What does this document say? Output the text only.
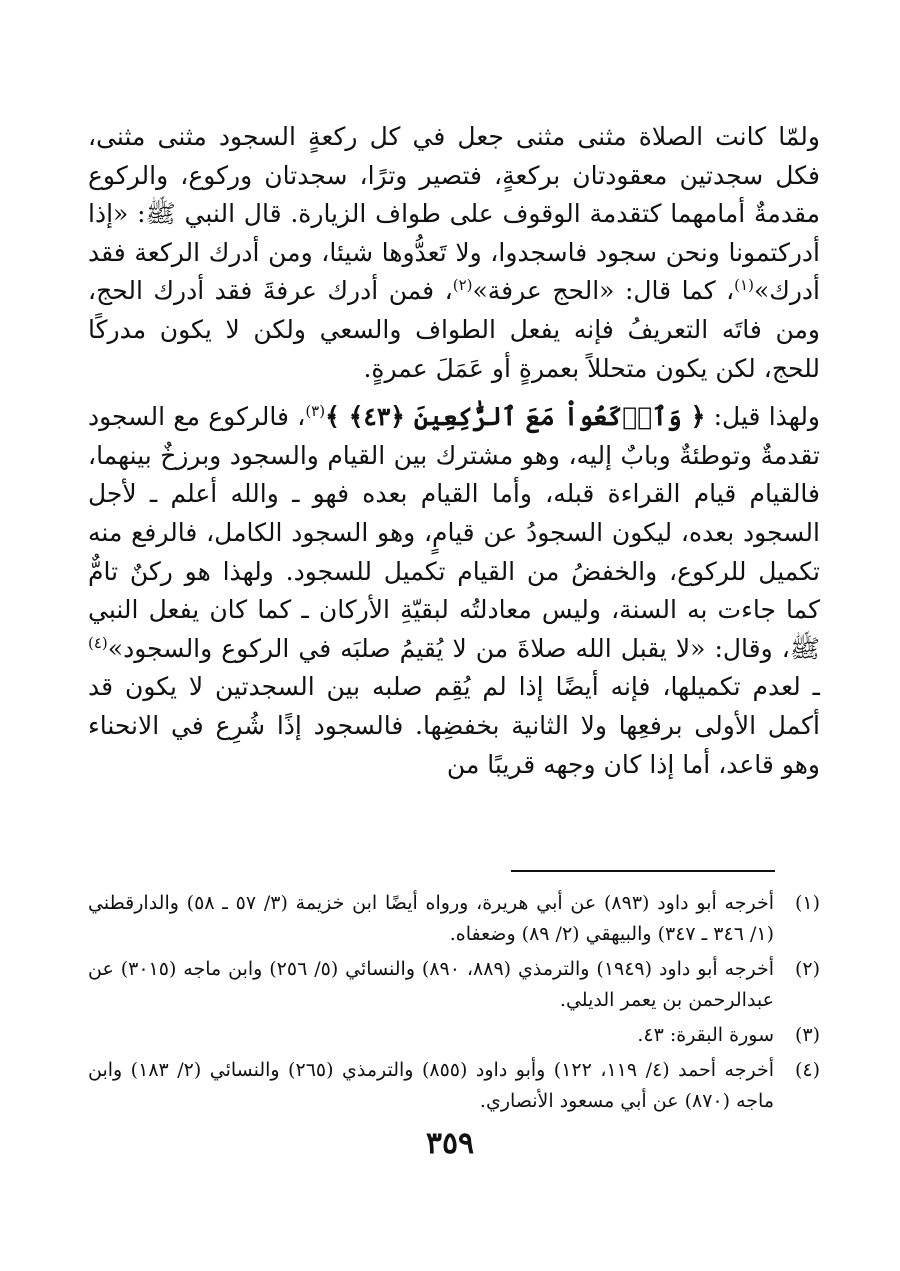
ولمّا كانت الصلاة مثنى مثنى جعل في كل ركعةٍ السجود مثنى مثنى، فكل سجدتين معقودتان بركعةٍ، فتصير وترًا، سجدتان وركوع، والركوع مقدمةٌ أمامهما كتقدمة الوقوف على طواف الزيارة. قال النبي ﷺ: «إذا أدركتمونا ونحن سجود فاسجدوا، ولا تَعدُّوها شيئا، ومن أدرك الركعة فقد أدرك»$^{(١)}$، كما قال: «الحج عرفة»$^{(٢)}$، فمن أدرك عرفةَ فقد أدرك الحج، ومن فاتَه التعريفُ فإنه يفعل الطواف والسعي ولكن لا يكون مدركًا للحج، لكن يكون متحللاً بعمرةٍ أو عَمَلَ عمرةٍ.

ولهذا قيل: ﴿ وَٱرۡكَعُواْ مَعَ ٱلرَّٰكِعِينَ ﴿٤٣﴾ ﴾$^{(٣)}$، فالركوع مع السجود تقدمةٌ وتوطئةٌ وبابٌ إليه، وهو مشترك بين القيام والسجود وبرزخٌ بينهما، فالقيام قيام القراءة قبله، وأما القيام بعده فهو ـ والله أعلم ـ لأجل السجود بعده، ليكون السجودُ عن قيامٍ، وهو السجود الكامل، فالرفع منه تكميل للركوع، والخفضُ من القيام تكميل للسجود. ولهذا هو ركنٌ تامٌّ كما جاءت به السنة، وليس معادلتُه لبقيّةِ الأركان ـ كما كان يفعل النبي ﷺ، وقال: «لا يقبل الله صلاةَ من لا يُقيمُ صلبَه في الركوع والسجود»$^{(٤)}$ ـ لعدم تكميلها، فإنه أيضًا إذا لم يُقِم صلبه بين السجدتين لا يكون قد أكمل الأولى برفعِها ولا الثانية بخفضِها. فالسجود إذًا شُرِع في الانحناء وهو قاعد، أما إذا كان وجهه قريبًا من

(١)
أخرجه أبو داود (٨٩٣) عن أبي هريرة، ورواه أيضًا ابن خزيمة (٣/ ٥٧ ـ ٥٨) والدارقطني (١/ ٣٤٦ ـ ٣٤٧) والبيهقي (٢/ ٨٩) وضعفاه.
(٢)
أخرجه أبو داود (١٩٤٩) والترمذي (٨٨٩، ٨٩٠) والنسائي (٥/ ٢٥٦) وابن ماجه (٣٠١٥) عن عبدالرحمن بن يعمر الديلي.
(٣)
سورة البقرة: ٤٣.
(٤)
أخرجه أحمد (٤/ ١١٩، ١٢٢) وأبو داود (٨٥٥) والترمذي (٢٦٥) والنسائي (٢/ ١٨٣) وابن ماجه (٨٧٠) عن أبي مسعود الأنصاري.
٣٥٩
